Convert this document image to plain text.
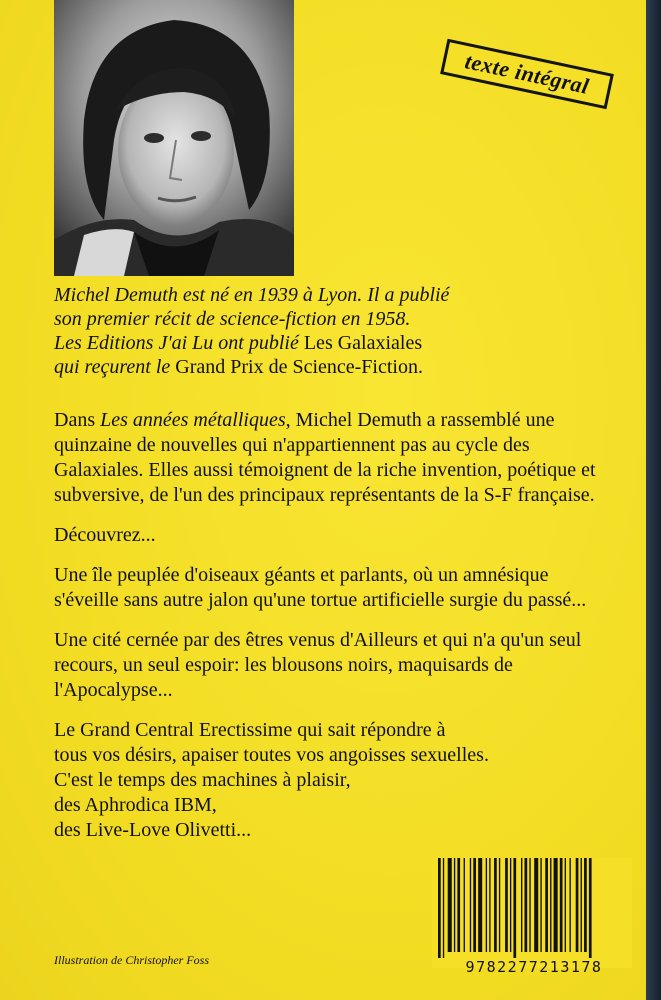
texte intégral
Michel Demuth est né en 1939 à Lyon. Il a publié
son premier récit de science-fiction en 1958.
Les Editions J'ai Lu ont publié Les Galaxiales
qui reçurent le Grand Prix de Science-Fiction.

Dans Les années métalliques, Michel Demuth a rassemblé une quinzaine de nouvelles qui n'appartiennent pas au cycle des Galaxiales. Elles aussi témoignent de la riche invention, poétique et subversive, de l'un des principaux représentants de la S-F française.

Découvrez...

Une île peuplée d'oiseaux géants et parlants, où un amnésique s'éveille sans autre jalon qu'une tortue artificielle surgie du passé...

Une cité cernée par des êtres venus d'Ailleurs et qui n'a qu'un seul recours, un seul espoir: les blousons noirs, maquisards de l'Apocalypse...

Le Grand Central Erectissime qui sait répondre à
tous vos désirs, apaiser toutes vos angoisses sexuelles.
C'est le temps des machines à plaisir,
des Aphrodica IBM,
des Live-Love Olivetti...

Illustration de Christopher Foss	9782277213178
